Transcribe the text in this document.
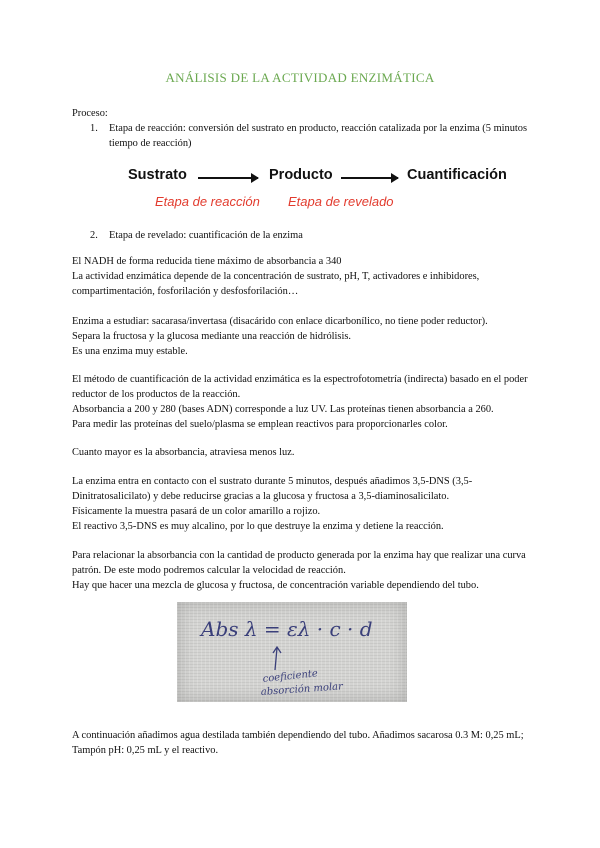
ANÁLISIS DE LA ACTIVIDAD ENZIMÁTICA
Proceso:
1. Etapa de reacción: conversión del sustrato en producto, reacción catalizada por la enzima (5 minutos tiempo de reacción)
Sustrato	Producto	Cuantificación
Etapa de reacción Etapa de revelado
2. Etapa de revelado: cuantificación de la enzima

El NADH de forma reducida tiene máximo de absorbancia a 340

La actividad enzimática depende de la concentración de sustrato, pH, T, activadores e inhibidores, compartimentación, fosforilación y desfosforilación…

Enzima a estudiar: sacarasa/invertasa (disacárido con enlace dicarbonílico, no tiene poder reductor).

Separa la fructosa y la glucosa mediante una reacción de hidrólisis.

Es una enzima muy estable.

El método de cuantificación de la actividad enzimática es la espectrofotometría (indirecta) basado en el poder reductor de los productos de la reacción.

Absorbancia a 200 y 280 (bases ADN) corresponde a luz UV. Las proteínas tienen absorbancia a 260.

Para medir las proteínas del suelo/plasma se emplean reactivos para proporcionarles color.

Cuanto mayor es la absorbancia, atraviesa menos luz.

La enzima entra en contacto con el sustrato durante 5 minutos, después añadimos 3,5-DNS (3,5-Dinitratosalicilato) y debe reducirse gracias a la glucosa y fructosa a 3,5-diaminosalicilato.

Físicamente la muestra pasará de un color amarillo a rojizo.

El reactivo 3,5-DNS es muy alcalino, por lo que destruye la enzima y detiene la reacción.

Para relacionar la absorbancia con la cantidad de producto generada por la enzima hay que realizar una curva patrón. De este modo podremos calcular la velocidad de reacción.

Hay que hacer una mezcla de glucosa y fructosa, de concentración variable dependiendo del tubo.

Abs λ = ελ · c · d
coeficiente
absorción molar

A continuación añadimos agua destilada también dependiendo del tubo. Añadimos sacarosa 0.3 M: 0,25 mL; Tampón pH: 0,25 mL y el reactivo.
